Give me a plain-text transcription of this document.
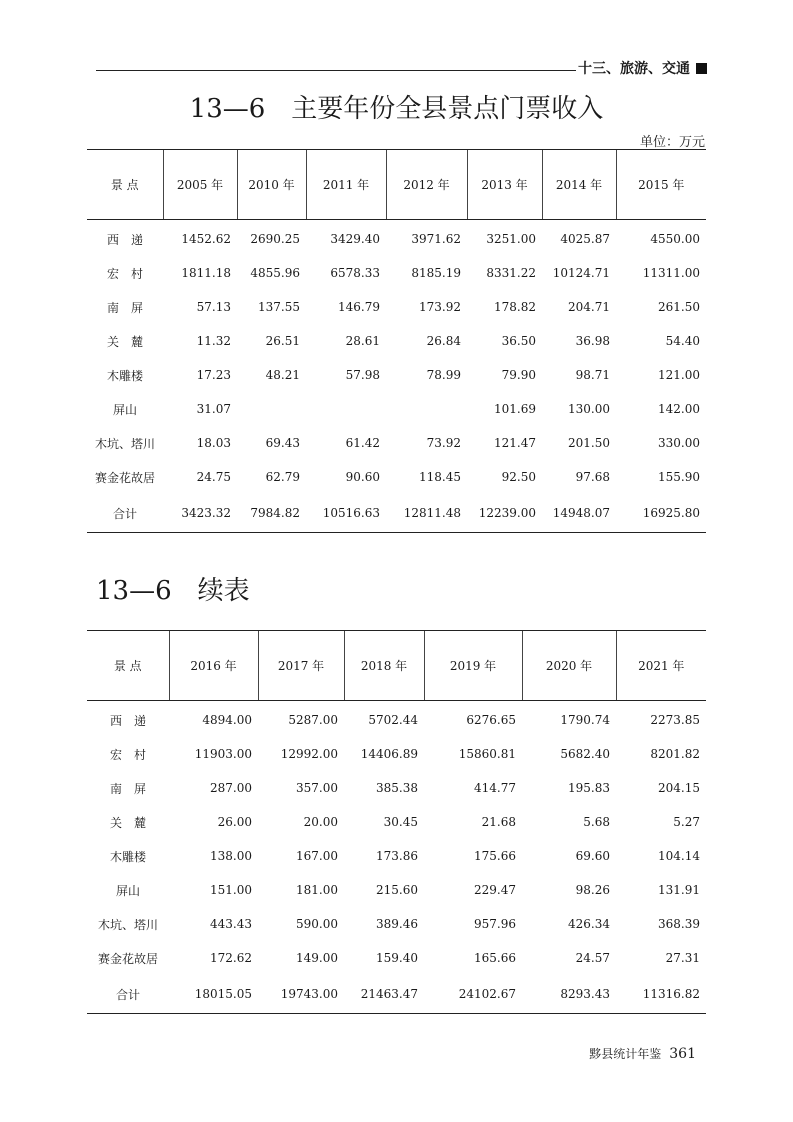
十三、旅游、交通
13—6　主要年份全县景点门票收入
单位：万元
景 点	2005 年	2010 年	2011 年	2012 年	2013 年	2014 年	2015 年
西　递	1452.62	2690.25	3429.40	3971.62	3251.00	4025.87	4550.00
宏　村	1811.18	4855.96	6578.33	8185.19	8331.22	10124.71	11311.00
南　屏	57.13	137.55	146.79	173.92	178.82	204.71	261.50
关　麓	11.32	26.51	28.61	26.84	36.50	36.98	54.40
木雕楼	17.23	48.21	57.98	78.99	79.90	98.71	121.00
屏山	31.07				101.69	130.00	142.00
木坑、塔川	18.03	69.43	61.42	73.92	121.47	201.50	330.00
赛金花故居	24.75	62.79	90.60	118.45	92.50	97.68	155.90
合计	3423.32	7984.82	10516.63	12811.48	12239.00	14948.07	16925.80
13—6　续表
景 点	2016 年	2017 年	2018 年	2019 年	2020 年	2021 年
西　递	4894.00	5287.00	5702.44	6276.65	1790.74	2273.85
宏　村	11903.00	12992.00	14406.89	15860.81	5682.40	8201.82
南　屏	287.00	357.00	385.38	414.77	195.83	204.15
关　麓	26.00	20.00	30.45	21.68	5.68	5.27
木雕楼	138.00	167.00	173.86	175.66	69.60	104.14
屏山	151.00	181.00	215.60	229.47	98.26	131.91
木坑、塔川	443.43	590.00	389.46	957.96	426.34	368.39
赛金花故居	172.62	149.00	159.40	165.66	24.57	27.31
合计	18015.05	19743.00	21463.47	24102.67	8293.43	11316.82
黟县统计年鉴 361
